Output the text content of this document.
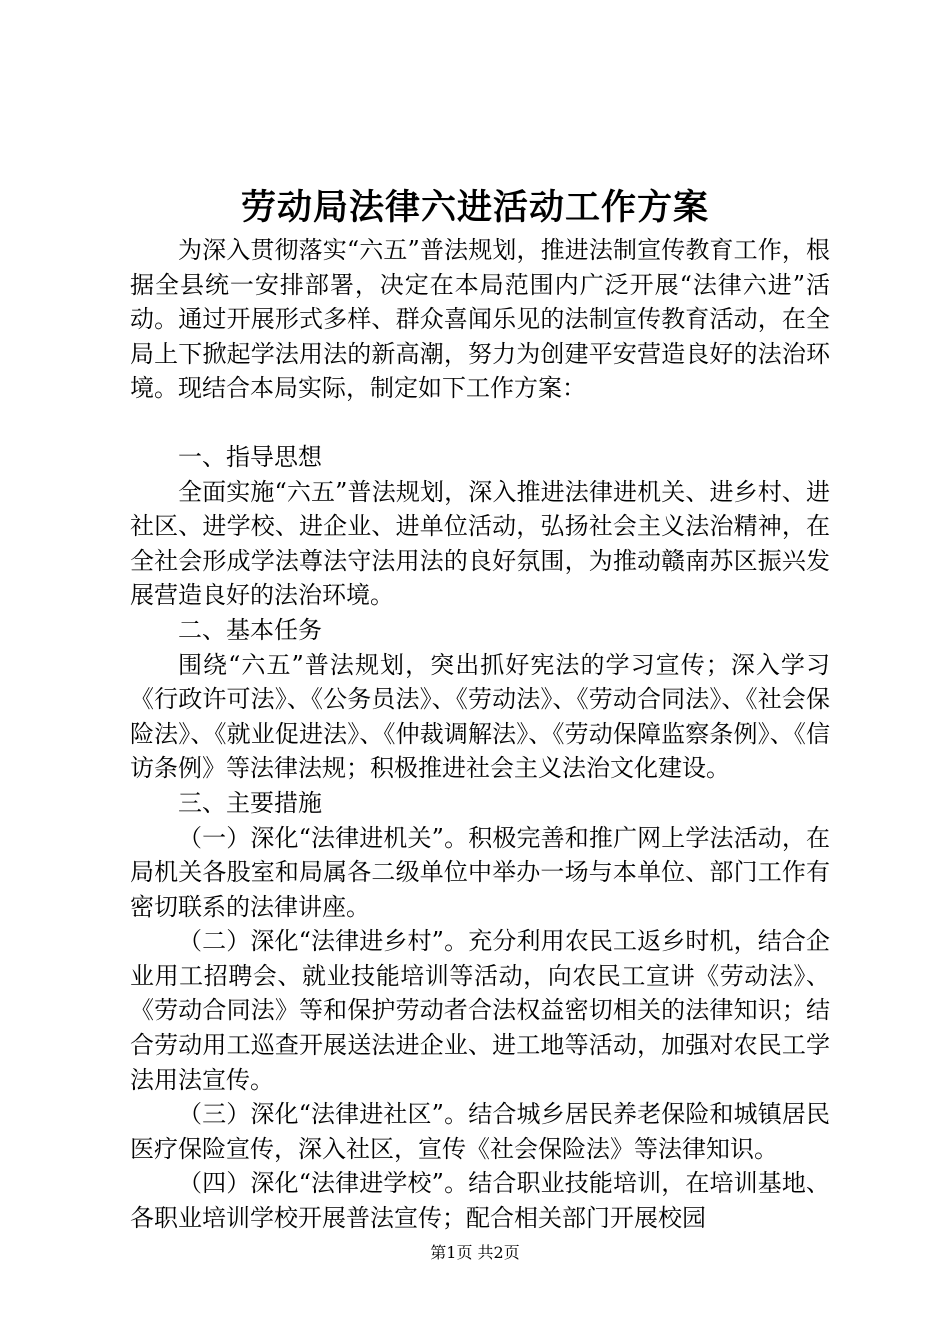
劳动局法律六进活动工作方案

为深入贯彻落实“六五”普法规划，推进法制宣传教育工作，根据全县统一安排部署，决定在本局范围内广泛开展“法律六进”活动。通过开展形式多样、群众喜闻乐见的法制宣传教育活动，在全局上下掀起学法用法的新高潮，努力为创建平安营造良好的法治环境。现结合本局实际，制定如下工作方案：

一、指导思想

全面实施“六五”普法规划，深入推进法律进机关、进乡村、进社区、进学校、进企业、进单位活动，弘扬社会主义法治精神，在全社会形成学法尊法守法用法的良好氛围，为推动赣南苏区振兴发展营造良好的法治环境。

二、基本任务

围绕“六五”普法规划，突出抓好宪法的学习宣传；深入学习《行政许可法》、《公务员法》、《劳动法》、《劳动合同法》、《社会保险法》、《就业促进法》、《仲裁调解法》、《劳动保障监察条例》、《信访条例》等法律法规；积极推进社会主义法治文化建设。

三、主要措施

（一）深化“法律进机关”。积极完善和推广网上学法活动，在局机关各股室和局属各二级单位中举办一场与本单位、部门工作有密切联系的法律讲座。

（二）深化“法律进乡村”。充分利用农民工返乡时机，结合企业用工招聘会、就业技能培训等活动，向农民工宣讲《劳动法》、《劳动合同法》等和保护劳动者合法权益密切相关的法律知识；结合劳动用工巡查开展送法进企业、进工地等活动，加强对农民工学法用法宣传。

（三）深化“法律进社区”。结合城乡居民养老保险和城镇居民医疗保险宣传，深入社区，宣传《社会保险法》等法律知识。

（四）深化“法律进学校”。结合职业技能培训，在培训基地、各职业培训学校开展普法宣传；配合相关部门开展校园

第1页 共2页
